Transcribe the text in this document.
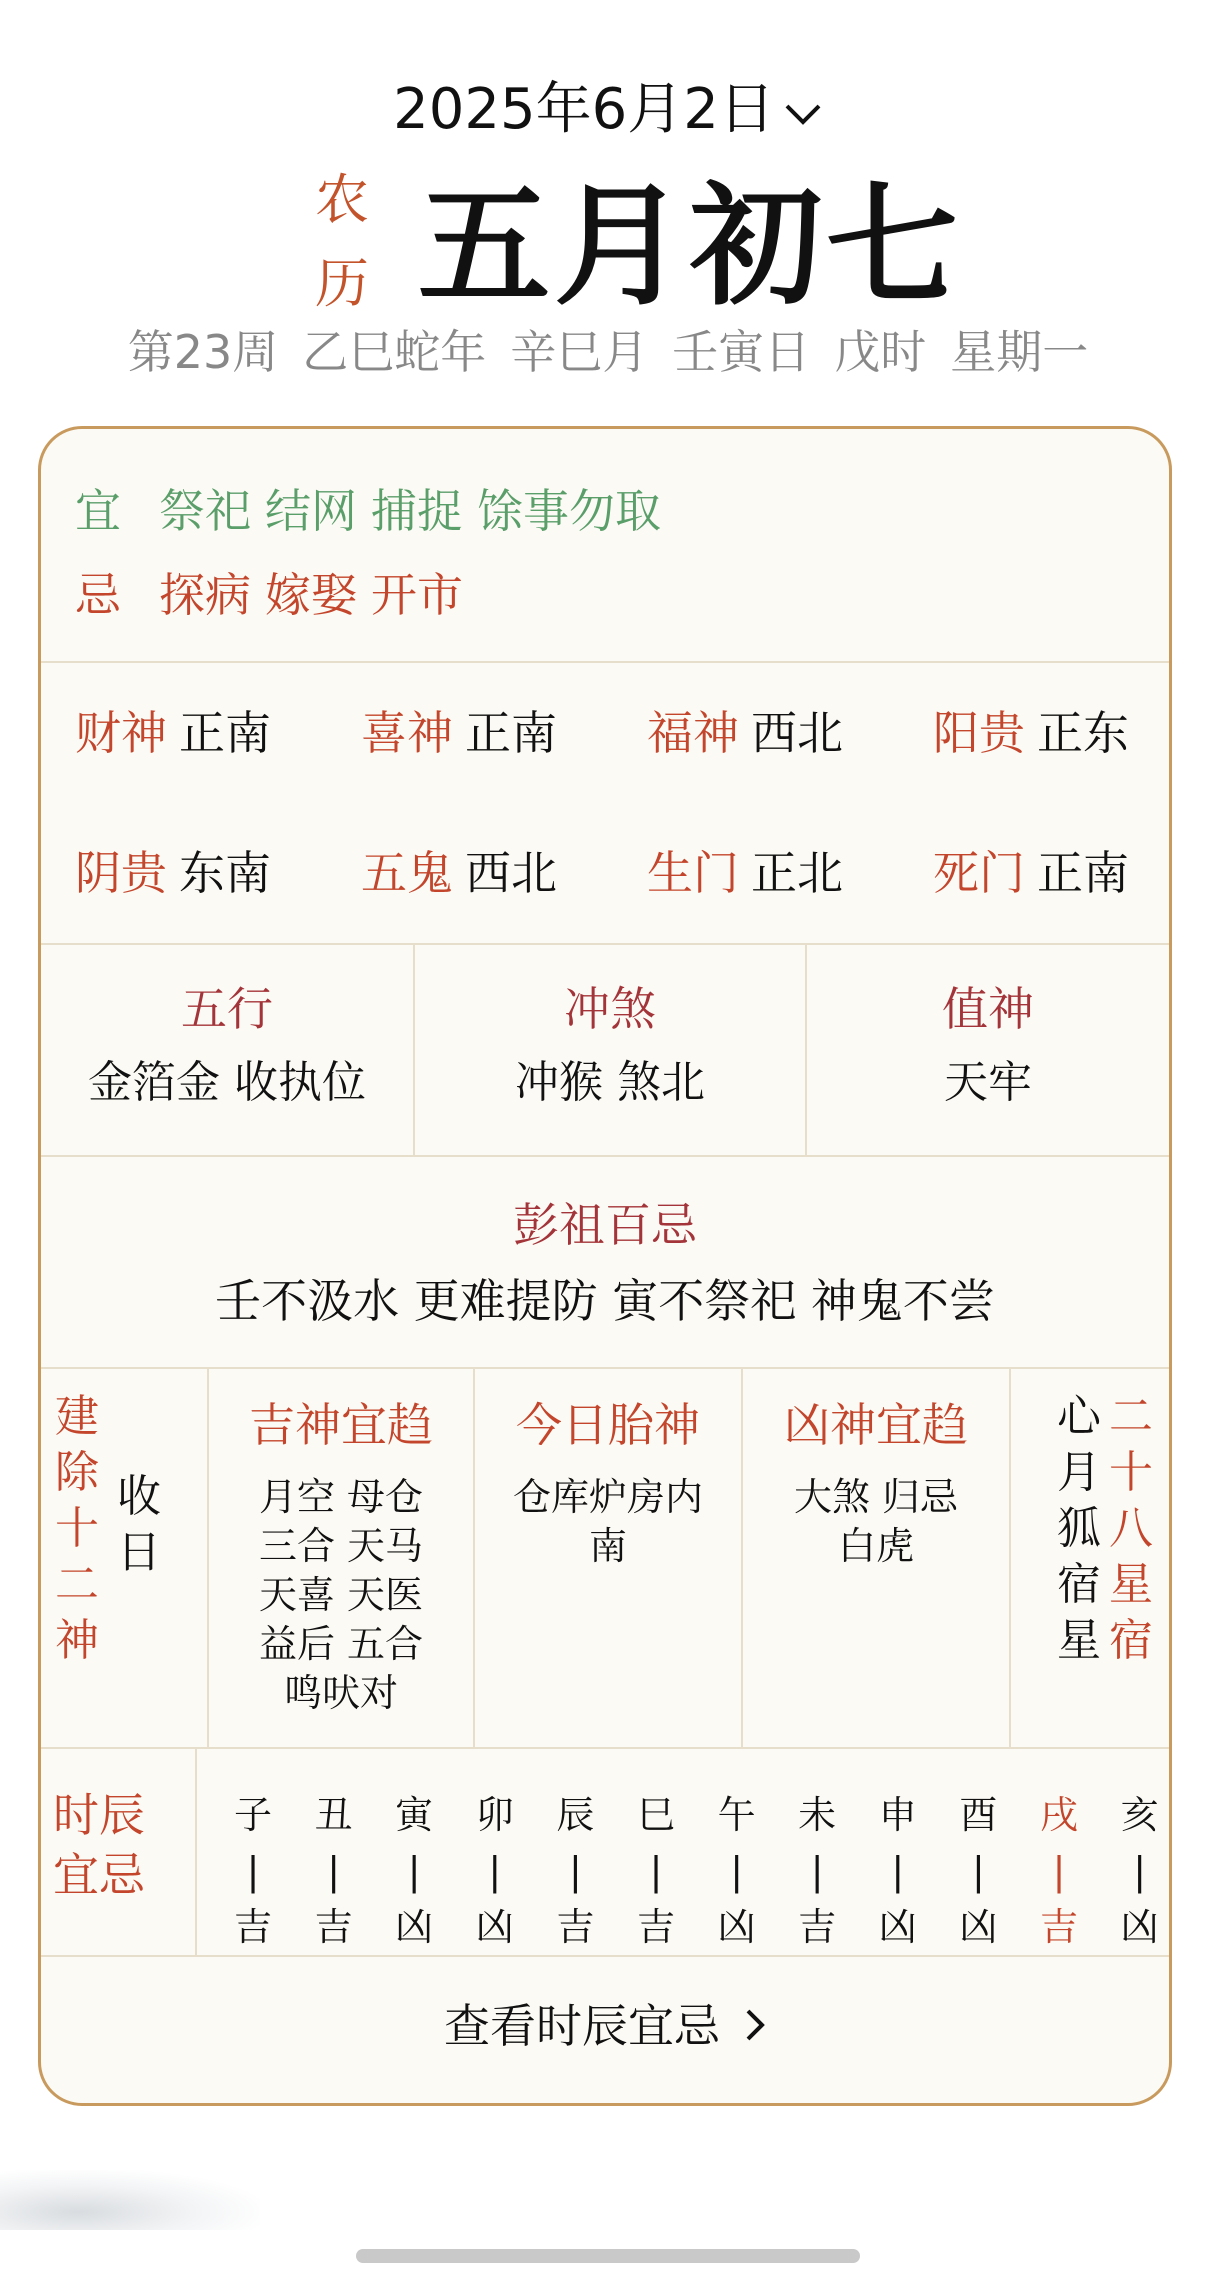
2025年6月2日
农
历 五月初七
第23周 乙巳蛇年 辛巳月 壬寅日 戊时 星期一
宜 祭祀 结网 捕捉 馀事勿取
忌 探病 嫁娶 开市
财神 正南 喜神 正南 福神 西北 阳贵 正东
阴贵 东南 五鬼 西北 生门 正北 死门 正南
五行
金箔金 收执位
冲煞
冲猴 煞北
值神
天牢
彭祖百忌
壬不汲水 更难提防 寅不祭祀 神鬼不尝
建
除
十
二
神
收
日
吉神宜趋
月空 母仓
三合 天马
天喜 天医
益后 五合
鸣吠对
今日胎神
仓库炉房内
南
凶神宜趋
大煞 归忌
白虎
心
月
狐
宿
星
二
十
八
星
宿
时辰
宜忌
子
|
吉
丑
|
吉
寅
|
凶
卯
|
凶
辰
|
吉
巳
|
吉
午
|
凶
未
|
吉
申
|
凶
酉
|
凶
戌
|
吉
亥
|
凶
查看时辰宜忌
